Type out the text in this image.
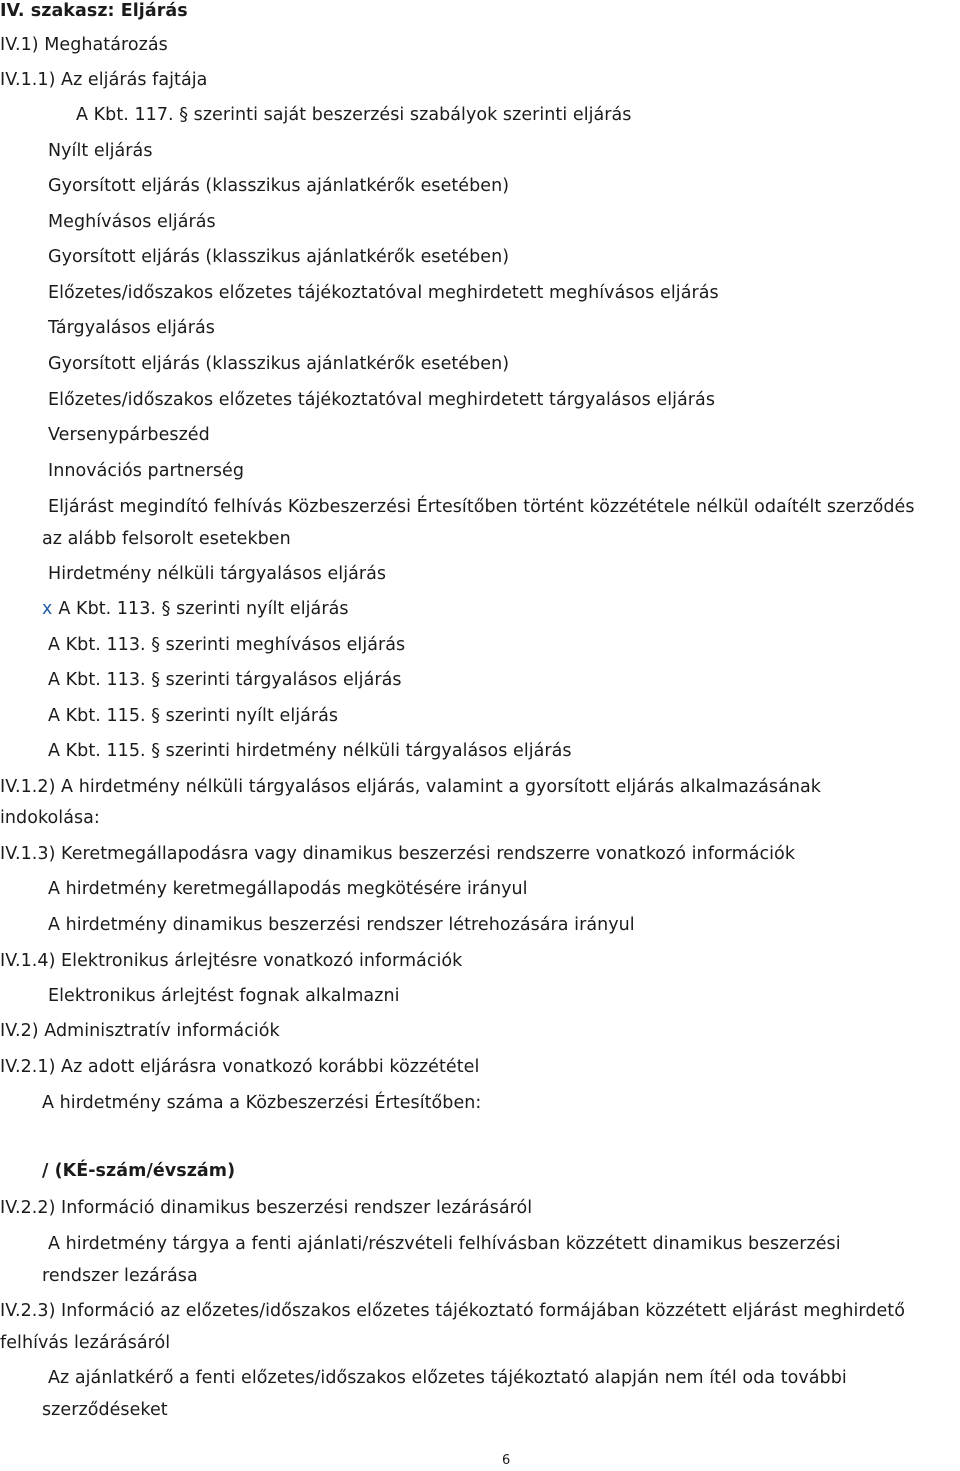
IV. szakasz: Eljárás
IV.1) Meghatározás
IV.1.1) Az eljárás fajtája
A Kbt. 117. § szerinti saját beszerzési szabályok szerinti eljárás
Nyílt eljárás
Gyorsított eljárás (klasszikus ajánlatkérők esetében)
Meghívásos eljárás
Gyorsított eljárás (klasszikus ajánlatkérők esetében)
Előzetes/időszakos előzetes tájékoztatóval meghirdetett meghívásos eljárás
Tárgyalásos eljárás
Gyorsított eljárás (klasszikus ajánlatkérők esetében)
Előzetes/időszakos előzetes tájékoztatóval meghirdetett tárgyalásos eljárás
Versenypárbeszéd
Innovációs partnerség
Eljárást megindító felhívás Közbeszerzési Értesítőben történt közzététele nélkül odaítélt szerződés
az alább felsorolt esetekben
Hirdetmény nélküli tárgyalásos eljárás
x A Kbt. 113. § szerinti nyílt eljárás
A Kbt. 113. § szerinti meghívásos eljárás
A Kbt. 113. § szerinti tárgyalásos eljárás
A Kbt. 115. § szerinti nyílt eljárás
A Kbt. 115. § szerinti hirdetmény nélküli tárgyalásos eljárás
IV.1.2) A hirdetmény nélküli tárgyalásos eljárás, valamint a gyorsított eljárás alkalmazásának
indokolása:
IV.1.3) Keretmegállapodásra vagy dinamikus beszerzési rendszerre vonatkozó információk
A hirdetmény keretmegállapodás megkötésére irányul
A hirdetmény dinamikus beszerzési rendszer létrehozására irányul
IV.1.4) Elektronikus árlejtésre vonatkozó információk
Elektronikus árlejtést fognak alkalmazni
IV.2) Adminisztratív információk
IV.2.1) Az adott eljárásra vonatkozó korábbi közzététel
A hirdetmény száma a Közbeszerzési Értesítőben:
/ (KÉ-szám/évszám)
IV.2.2) Információ dinamikus beszerzési rendszer lezárásáról
A hirdetmény tárgya a fenti ajánlati/részvételi felhívásban közzétett dinamikus beszerzési
rendszer lezárása
IV.2.3) Információ az előzetes/időszakos előzetes tájékoztató formájában közzétett eljárást meghirdető
felhívás lezárásáról
Az ajánlatkérő a fenti előzetes/időszakos előzetes tájékoztató alapján nem ítél oda további
szerződéseket
6
